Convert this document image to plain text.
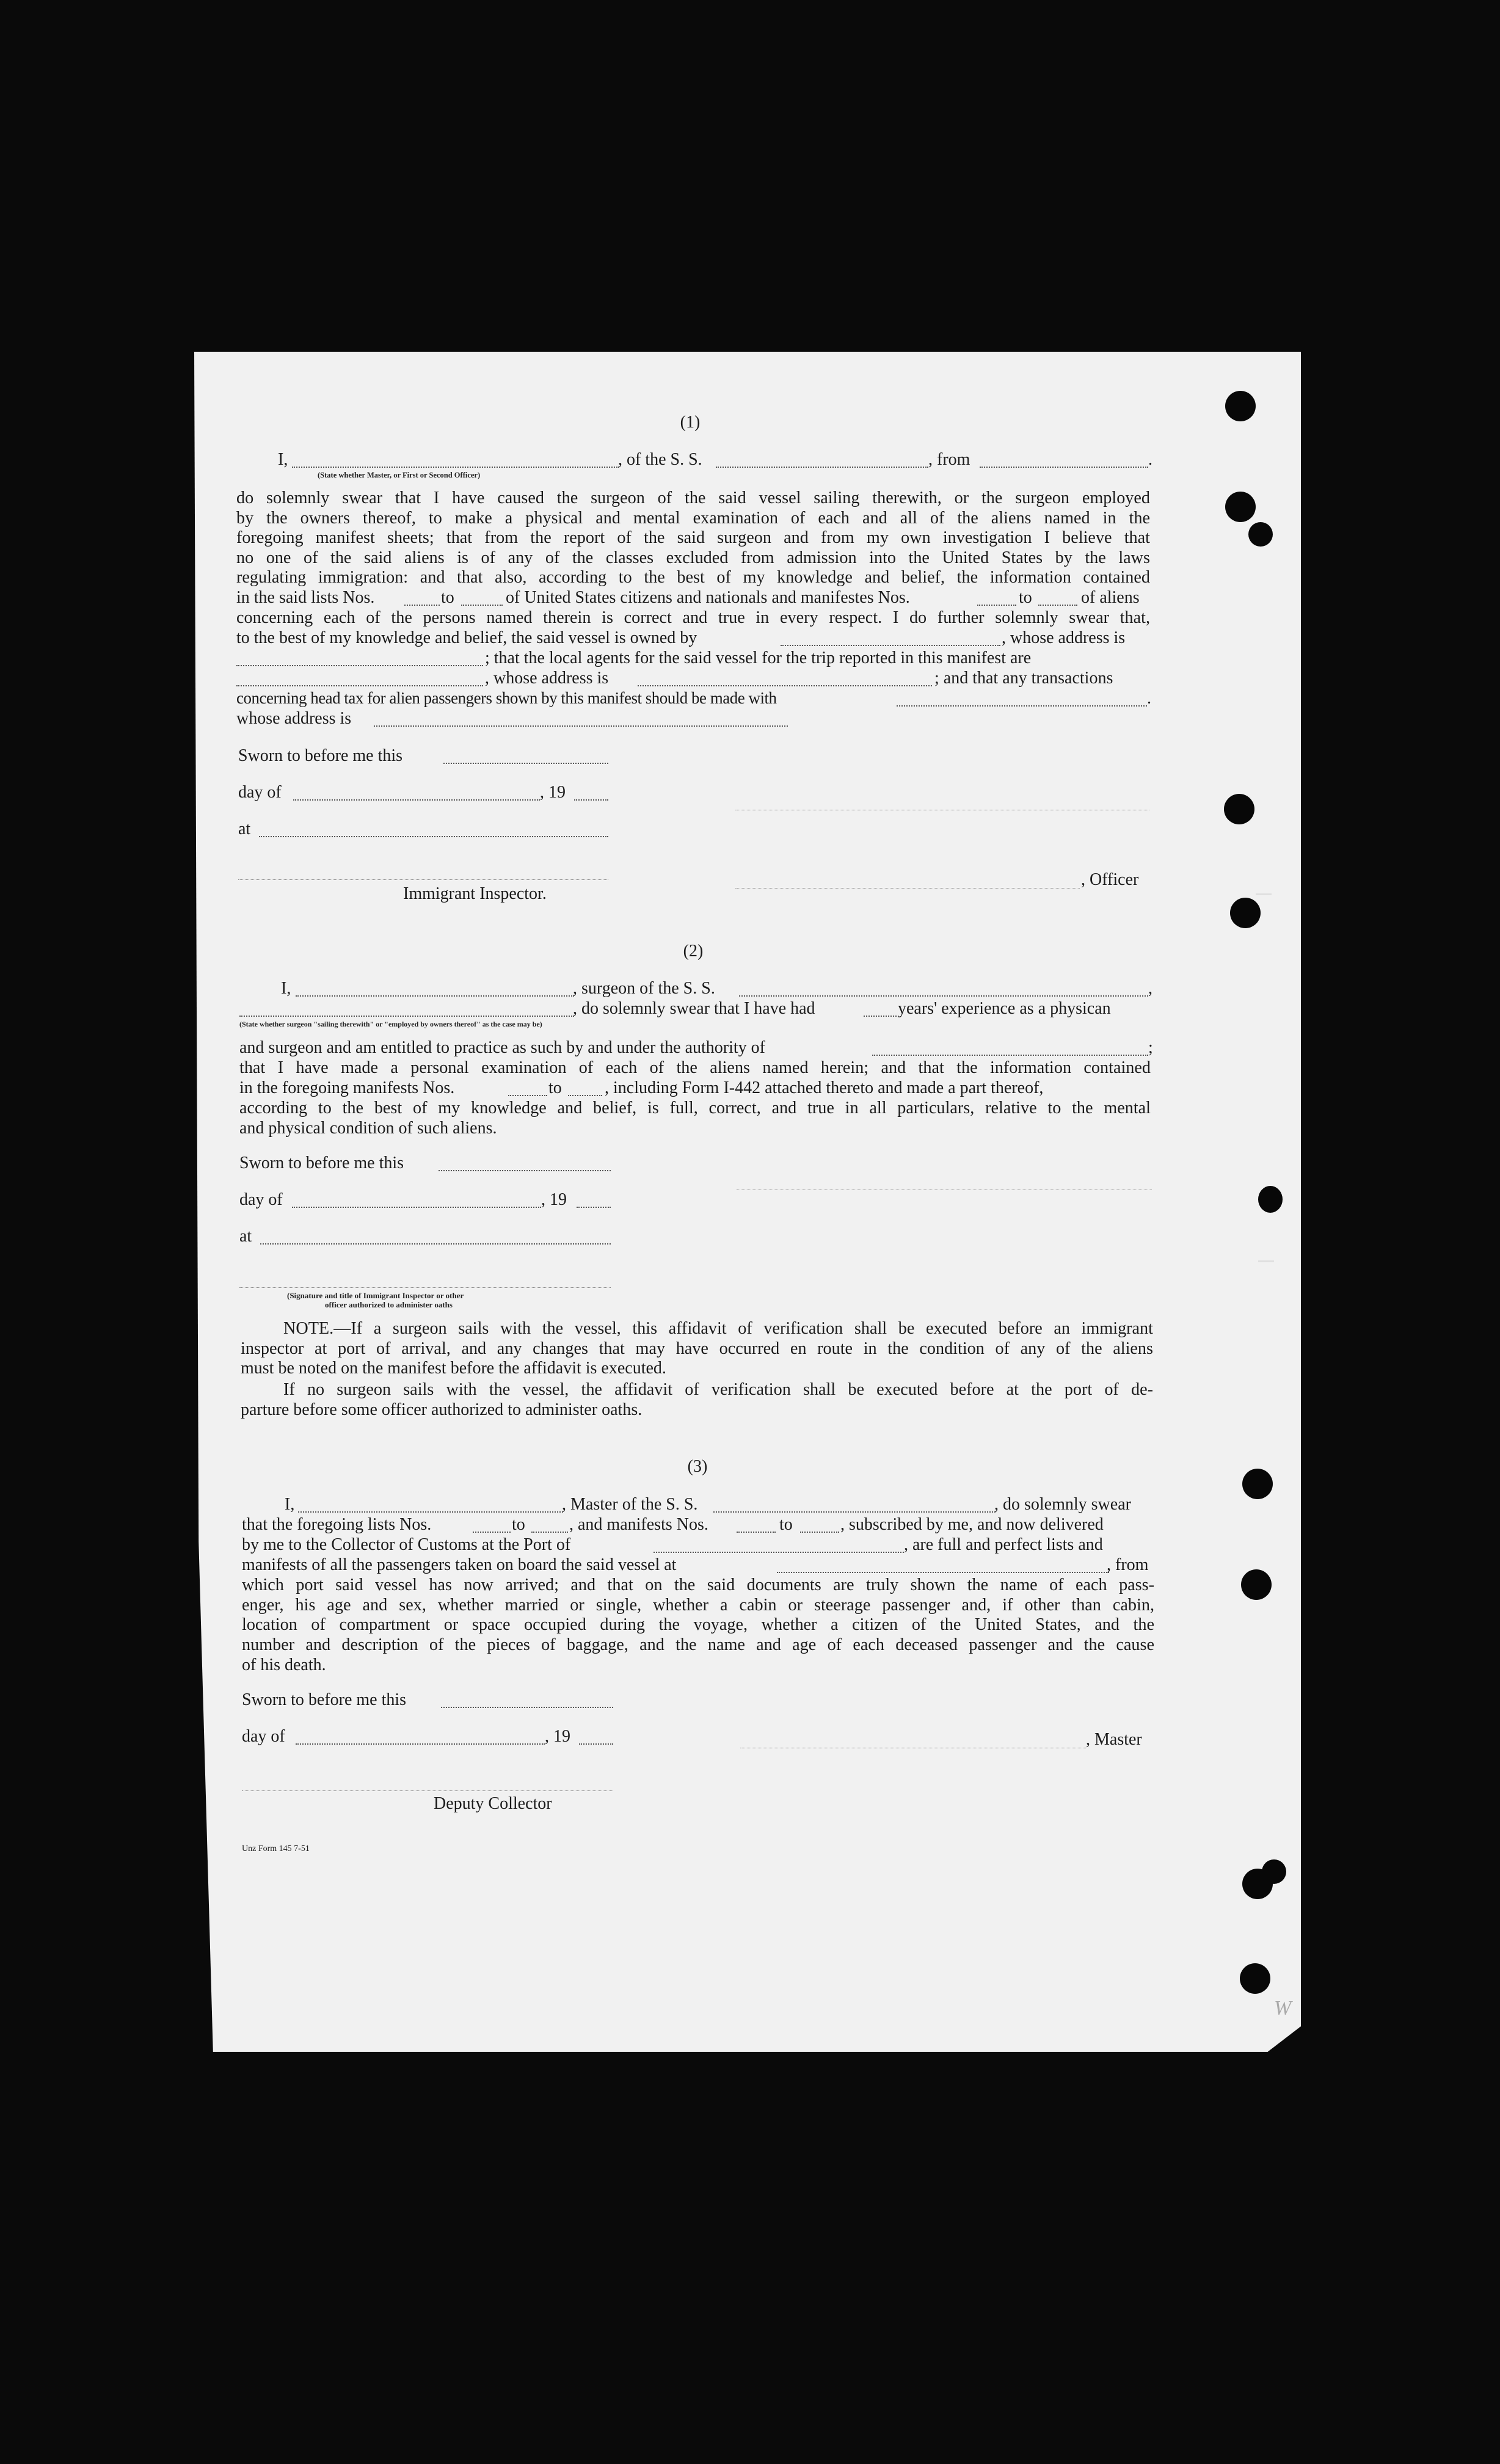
W
(1)
I,	, of the S. S.	, from	.
(State whether Master, or First or Second Officer)
do solemnly swear that I have caused the surgeon of the said vessel sailing therewith, or the surgeon employed
by the owners thereof, to make a physical and mental examination of each and all of the aliens named in the
foregoing manifest sheets; that from the report of the said surgeon and from my own investigation I believe that
no one of the said aliens is of any of the classes excluded from admission into the United States by the laws
regulating immigration: and that also, according to the best of my knowledge and belief, the information contained
in the said lists Nos.	to	of United States citizens and nationals and manifestes Nos.	to	of aliens
concerning each of the persons named therein is correct and true in every respect. I do further solemnly swear that,
to the best of my knowledge and belief, the said vessel is owned by	, whose address is
; that the local agents for the said vessel for the trip reported in this manifest are
, whose address is	; and that any transactions
concerning head tax for alien passengers shown by this manifest should be made with	.
whose address is
Sworn to before me this
day of	, 19
at
, Officer
Immigrant Inspector.
(2)
I,	, surgeon of the S. S.	,
, do solemnly swear that I have had	years' experience as a physican
(State whether surgeon "sailing therewith" or "employed by owners thereof" as the case may be)
and surgeon and am entitled to practice as such by and under the authority of	;
that I have made a personal examination of each of the aliens named herein; and that the information contained
in the foregoing manifests Nos.	to	, including Form I-442 attached thereto and made a part thereof,
according to the best of my knowledge and belief, is full, correct, and true in all particulars, relative to the mental
and physical condition of such aliens.
Sworn to before me this
day of	, 19
at
(Signature and title of Immigrant Inspector or other
officer authorized to administer oaths
NOTE.—If a surgeon sails with the vessel, this affidavit of verification shall be executed before an immigrant
inspector at port of arrival, and any changes that may have occurred en route in the condition of any of the aliens
must be noted on the manifest before the affidavit is executed.
If no surgeon sails with the vessel, the affidavit of verification shall be executed before at the port of de-
parture before some officer authorized to administer oaths.
(3)
I,	, Master of the S. S.	, do solemnly swear
that the foregoing lists Nos.	to	, and manifests Nos.	to	, subscribed by me, and now delivered
by me to the Collector of Customs at the Port of	, are full and perfect lists and
manifests of all the passengers taken on board the said vessel at	, from
which port said vessel has now arrived; and that on the said documents are truly shown the name of each pass-
enger, his age and sex, whether married or single, whether a cabin or steerage passenger and, if other than cabin,
location of compartment or space occupied during the voyage, whether a citizen of the United States, and the
number and description of the pieces of baggage, and the name and age of each deceased passenger and the cause
of his death.
Sworn to before me this
day of	, 19	, Master
Deputy Collector
Unz Form 145 7-51
